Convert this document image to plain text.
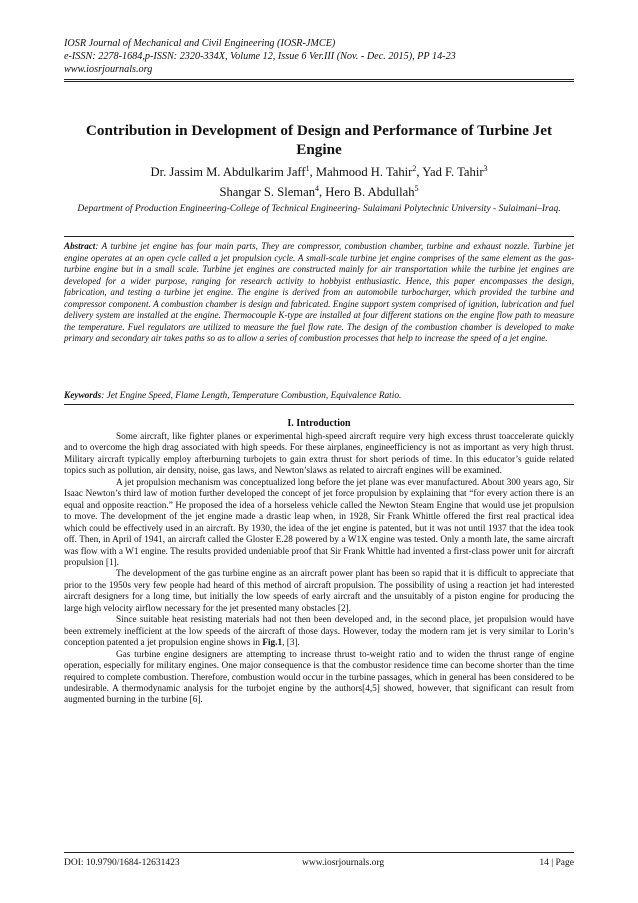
IOSR Journal of Mechanical and Civil Engineering (IOSR-JMCE)
e-ISSN: 2278-1684,p-ISSN: 2320-334X, Volume 12, Issue 6 Ver.III (Nov. - Dec. 2015), PP 14-23
www.iosrjournals.org
Contribution in Development of Design and Performance of Turbine Jet Engine
Dr. Jassim M. Abdulkarim Jaff$^1$, Mahmood H. Tahir$^2$, Yad F. Tahir$^3$
Shangar S. Sleman$^4$, Hero B. Abdullah$^5$
Department of Production Engineering-College of Technical Engineering- Sulaimani Polytechnic University - Sulaimani–Iraq.
Abstract: A turbine jet engine has four main parts, They are compressor, combustion chamber, turbine and exhaust nozzle. Turbine jet engine operates at an open cycle called a jet propulsion cycle. A small-scale turbine jet engine comprises of the same element as the gas-turbine engine but in a small scale. Turbine jet engines are constructed mainly for air transportation while the turbine jet engines are developed for a wider purpose, ranging for research activity to hobbyist enthusiastic. Hence, this paper encompasses the design, fabrication, and testing a turbine jet engine. The engine is derived from an automobile turbocharger, which provided the turbine and compressor component. A combustion chamber is design and fabricated. Engine support system comprised of ignition, lubrication and fuel delivery system are installed at the engine. Thermocouple K-type are installed at four different stations on the engine flow path to measure the temperature. Fuel regulators are utilized to measure the fuel flow rate. The design of the combustion chamber is developed to make primary and secondary air takes paths so as to allow a series of combustion processes that help to increase the speed of a jet engine.
Keywords: Jet Engine Speed, Flame Length, Temperature Combustion, Equivalence Ratio.
I. Introduction

Some aircraft, like fighter planes or experimental high-speed aircraft require very high excess thrust toaccelerate quickly and to overcome the high drag associated with high speeds. For these airplanes, engineefficiency is not as important as very high thrust. Military aircraft typically employ afterburning turbojets to gain extra thrust for short periods of time. In this educator’s guide related topics such as pollution, air density, noise, gas laws, and Newton’slaws as related to aircraft engines will be examined.

A jet propulsion mechanism was conceptualized long before the jet plane was ever manufactured. About 300 years ago, Sir Isaac Newton’s third law of motion further developed the concept of jet force propulsion by explaining that “for every action there is an equal and opposite reaction.” He proposed the idea of a horseless vehicle called the Newton Steam Engine that would use jet propulsion to move. The development of the jet engine made a drastic leap when, in 1928, Sir Frank Whittle offered the first real practical idea which could be effectively used in an aircraft. By 1930, the idea of the jet engine is patented, but it was not until 1937 that the idea took off. Then, in April of 1941, an aircraft called the Gloster E.28 powered by a W1X engine was tested. Only a month late, the same aircraft was flow with a W1 engine. The results provided undeniable proof that Sir Frank Whittle had invented a first-class power unit for aircraft propulsion [1].

The development of the gas turbine engine as an aircraft power plant has been so rapid that it is difficult to appreciate that prior to the 1950s very few people had heard of this method of aircraft propulsion. The possibility of using a reaction jet had interested aircraft designers for a long time, but initially the low speeds of early aircraft and the unsuitably of a piston engine for producing the large high velocity airflow necessary for the jet presented many obstacles [2].

Since suitable heat resisting materials had not then been developed and, in the second place, jet propulsion would have been extremely inefficient at the low speeds of the aircraft of those days. However, today the modern ram jet is very similar to Lorin’s conception patented a jet propulsion engine shows in Fig.1, [3].

Gas turbine engine designers are attempting to increase thrust to-weight ratio and to widen the thrust range of engine operation, especially for military engines. One major consequence is that the combustor residence time can become shorter than the time required to complete combustion. Therefore, combustion would occur in the turbine passages, which in general has been considered to be undesirable. A thermodynamic analysis for the turbojet engine by the authors[4,5] showed, however, that significant can result from augmented burning in the turbine [6].

DOI: 10.9790/1684-12631423	www.iosrjournals.org	14 | Page
